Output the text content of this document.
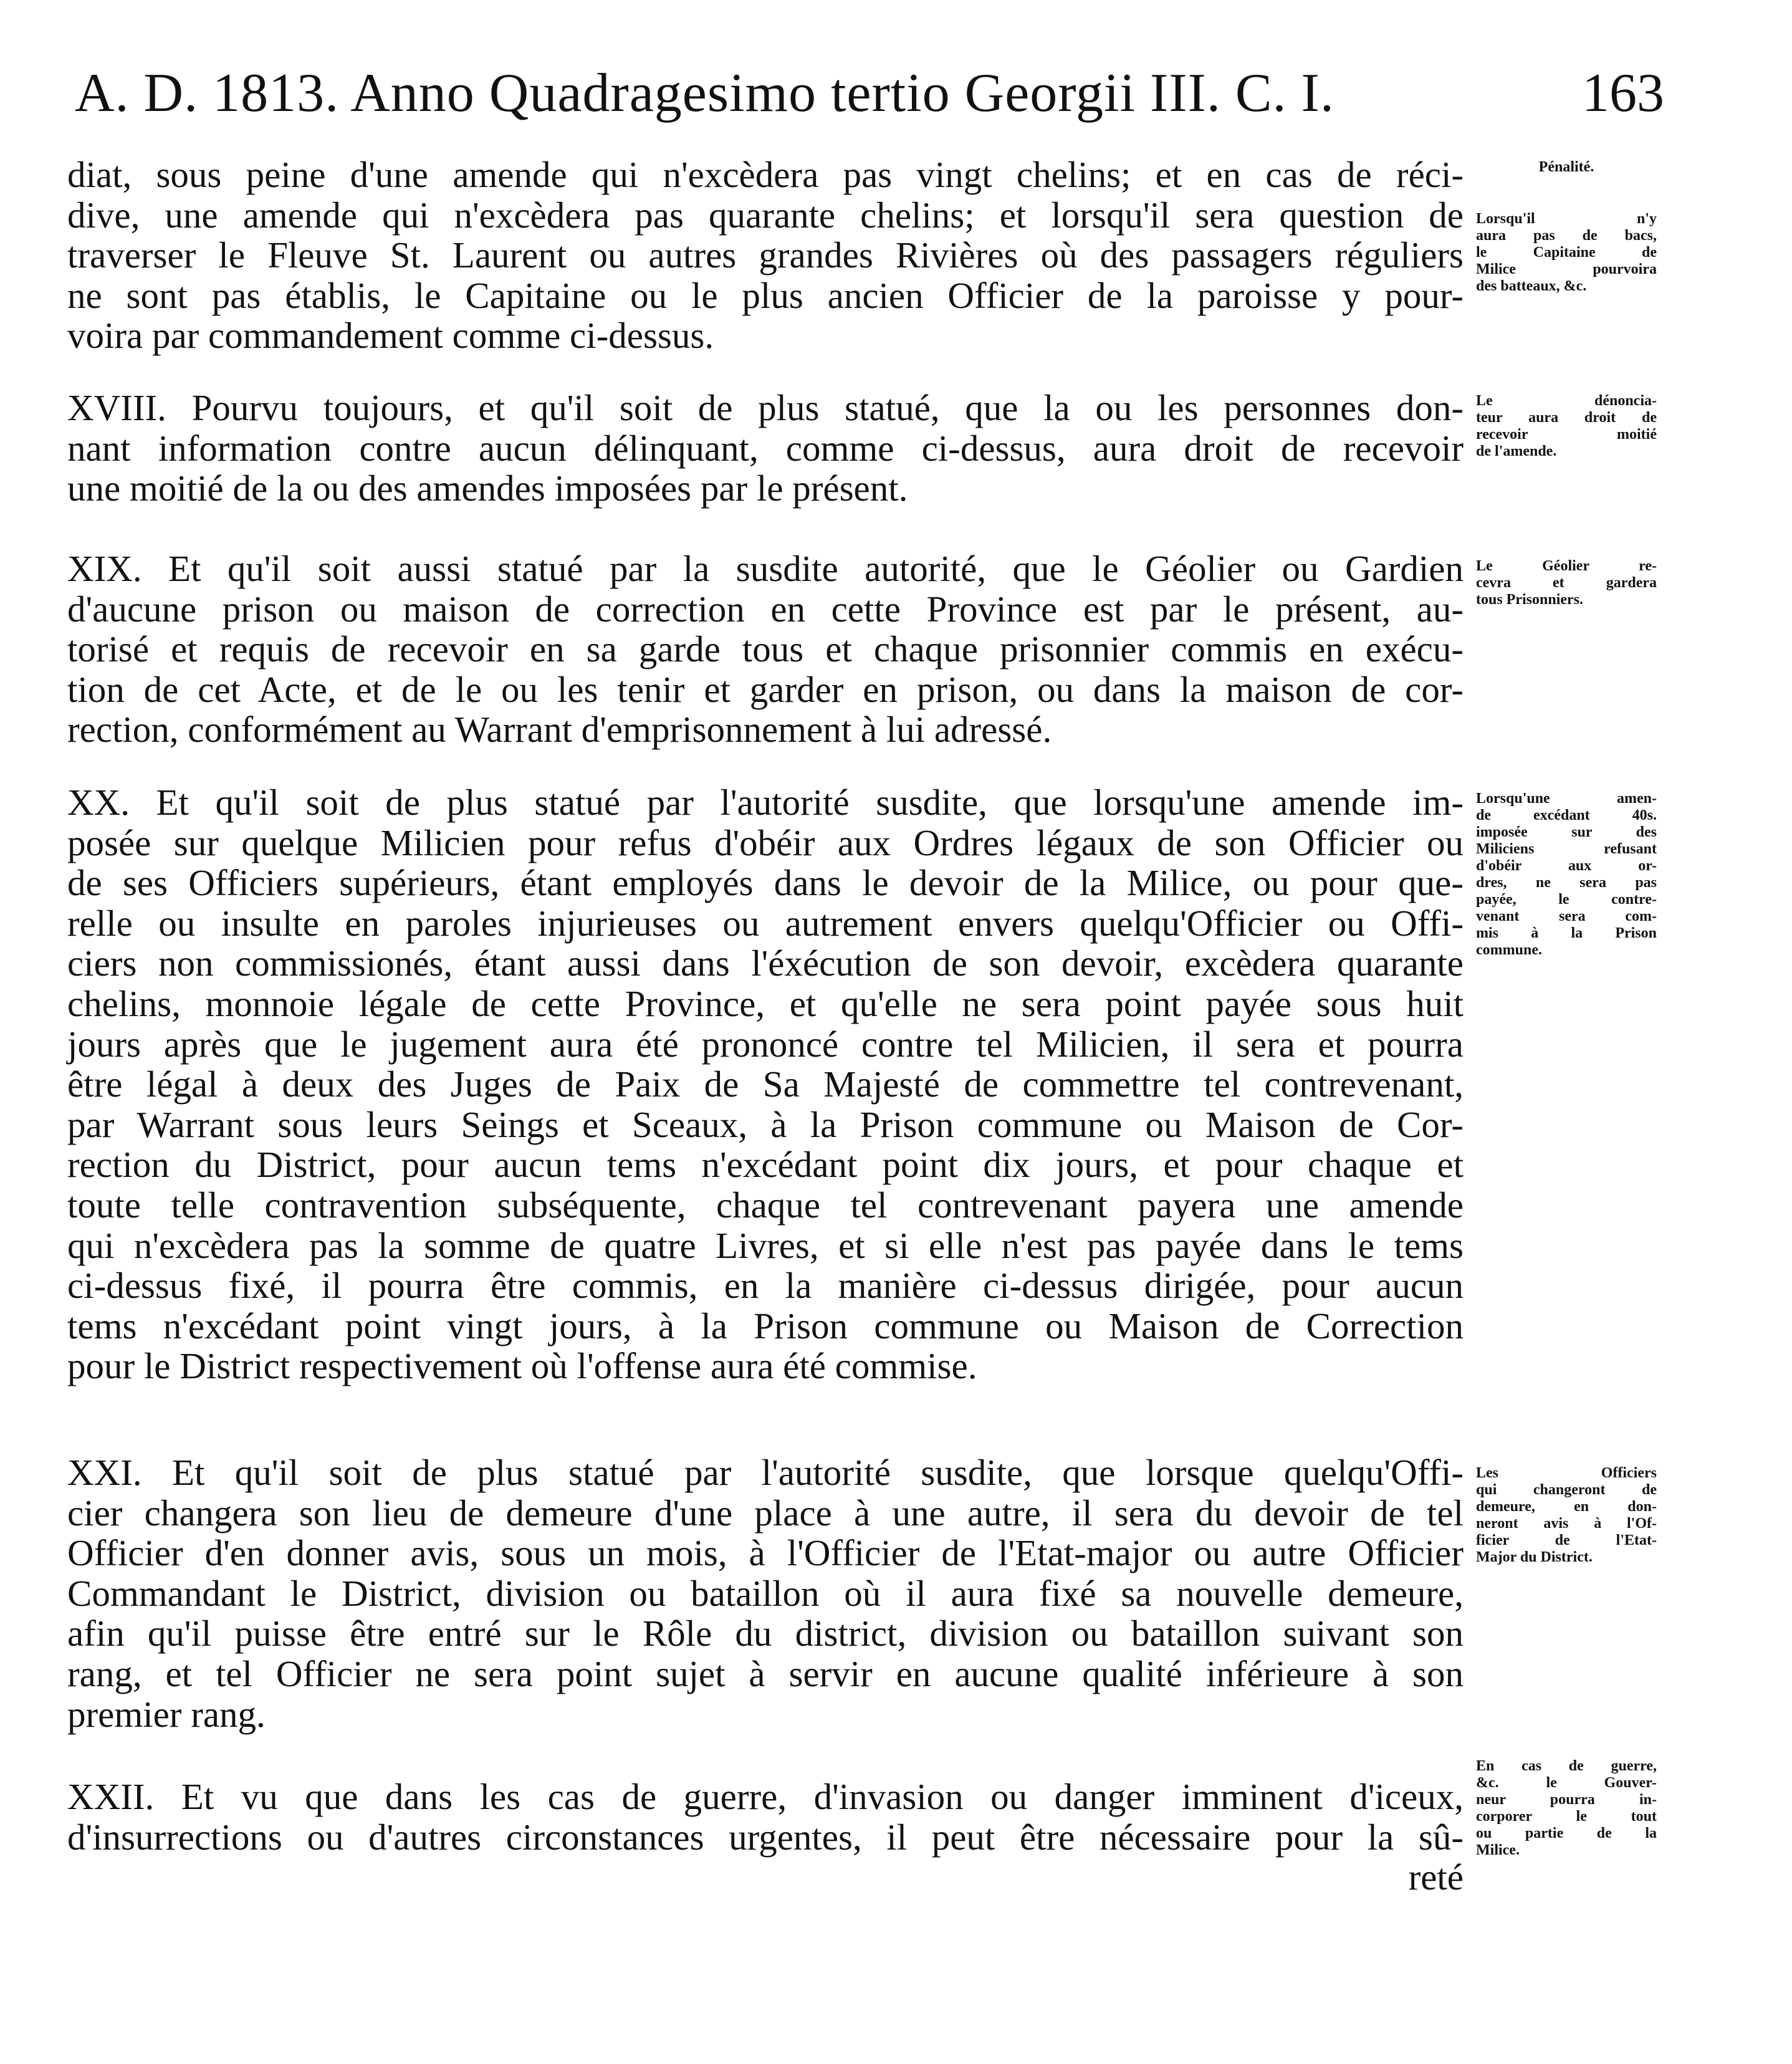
A. D. 1813. Anno Quadragesimo tertio Georgii III. C. I.	163
diat, sous peine d'une amende qui n'excèdera pas vingt chelins; et en cas de réci-
dive, une amende qui n'excèdera pas quarante chelins; et lorsqu'il sera question de
traverser le Fleuve St. Laurent ou autres grandes Rivières où des passagers réguliers
ne sont pas établis, le Capitaine ou le plus ancien Officier de la paroisse y pour-
voira par commandement comme ci-dessus.
XVIII. Pourvu toujours, et qu'il soit de plus statué, que la ou les personnes don-
nant information contre aucun délinquant, comme ci-dessus, aura droit de recevoir
une moitié de la ou des amendes imposées par le présent.
XIX. Et qu'il soit aussi statué par la susdite autorité, que le Géolier ou Gardien
d'aucune prison ou maison de correction en cette Province est par le présent, au-
torisé et requis de recevoir en sa garde tous et chaque prisonnier commis en exécu-
tion de cet Acte, et de le ou les tenir et garder en prison, ou dans la maison de cor-
rection, conformément au Warrant d'emprisonnement à lui adressé.
XX. Et qu'il soit de plus statué par l'autorité susdite, que lorsqu'une amende im-
posée sur quelque Milicien pour refus d'obéir aux Ordres légaux de son Officier ou
de ses Officiers supérieurs, étant employés dans le devoir de la Milice, ou pour que-
relle ou insulte en paroles injurieuses ou autrement envers quelqu'Officier ou Offi-
ciers non commissionés, étant aussi dans l'éxécution de son devoir, excèdera quarante
chelins, monnoie légale de cette Province, et qu'elle ne sera point payée sous huit
jours après que le jugement aura été prononcé contre tel Milicien, il sera et pourra
être légal à deux des Juges de Paix de Sa Majesté de commettre tel contrevenant,
par Warrant sous leurs Seings et Sceaux, à la Prison commune ou Maison de Cor-
rection du District, pour aucun tems n'excédant point dix jours, et pour chaque et
toute telle contravention subséquente, chaque tel contrevenant payera une amende
qui n'excèdera pas la somme de quatre Livres, et si elle n'est pas payée dans le tems
ci-dessus fixé, il pourra être commis, en la manière ci-dessus dirigée, pour aucun
tems n'excédant point vingt jours, à la Prison commune ou Maison de Correction
pour le District respectivement où l'offense aura été commise.
XXI. Et qu'il soit de plus statué par l'autorité susdite, que lorsque quelqu'Offi-
cier changera son lieu de demeure d'une place à une autre, il sera du devoir de tel
Officier d'en donner avis, sous un mois, à l'Officier de l'Etat-major ou autre Officier
Commandant le District, division ou bataillon où il aura fixé sa nouvelle demeure,
afin qu'il puisse être entré sur le Rôle du district, division ou bataillon suivant son
rang, et tel Officier ne sera point sujet à servir en aucune qualité inférieure à son
premier rang.
XXII. Et vu que dans les cas de guerre, d'invasion ou danger imminent d'iceux,
d'insurrections ou d'autres circonstances urgentes, il peut être nécessaire pour la sû-
reté
Pénalité.
Lorsqu'il n'y
aura pas de bacs,
le Capitaine de
Milice pourvoira
des batteaux, &c.
Le dénoncia-
teur aura droit de
recevoir moitié
de l'amende.
Le Géolier re-
cevra et gardera
tous Prisonniers.
Lorsqu'une amen-
de excédant 40s.
imposée sur des
Miliciens refusant
d'obéir aux or-
dres, ne sera pas
payée, le contre-
venant sera com-
mis à la Prison
commune.
Les Officiers
qui changeront de
demeure, en don-
neront avis à l'Of-
ficier de l'Etat-
Major du District.
En cas de guerre,
&c. le Gouver-
neur pourra in-
corporer le tout
ou partie de la
Milice.
